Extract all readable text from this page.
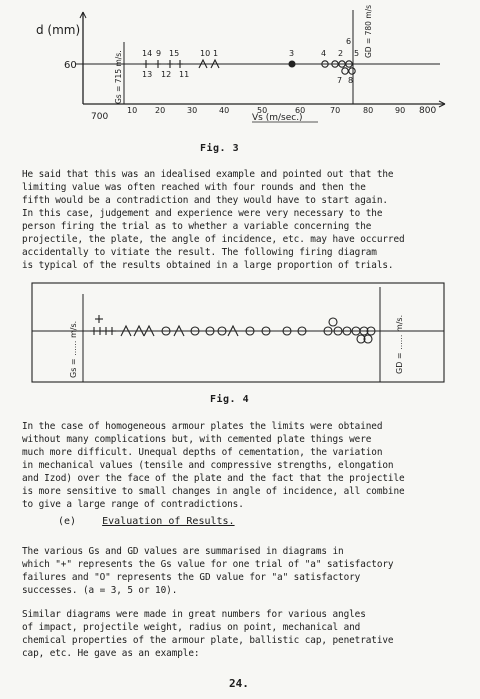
d (mm)
60	Gs = 715 m/s.
GD = 780 m/s
700
10 20	30	40	50	60	70	80	90 800
Vs (m/sec.)
14 9 15	10 1	3	4 2 5
6
13 12 11
7 8
Fig. 3
He said that this was an idealised example and pointed out that the
limiting value was often reached with four rounds and then the
fifth would be a contradiction and they would have to start again.
In this case, judgement and experience were very necessary to the
person firing the trial as to whether a variable concerning the
projectile, the plate, the angle of incidence, etc. may have occurred
accidentally to vitiate the result. The following firing diagram
is typical of the results obtained in a large proportion of trials.
Gs = ...... m/s.	GD = ...... m/s.
Fig. 4
In the case of homogeneous armour plates the limits were obtained
without many complications but, with cemented plate things were
much more difficult. Unequal depths of cementation, the variation
in mechanical values (tensile and compressive strengths, elongation
and Izod) over the face of the plate and the fact that the projectile
is more sensitive to small changes in angle of incidence, all combine
to give a large range of contradictions.
(e)	Evaluation of Results.
The various Gs and GD values are summarised in diagrams in
which "+" represents the Gs value for one trial of "a" satisfactory
failures and "O" represents the GD value for "a" satisfactory
successes. (a = 3, 5 or 10).
Similar diagrams were made in great numbers for various angles
of impact, projectile weight, radius on point, mechanical and
chemical properties of the armour plate, ballistic cap, penetrative
cap, etc. He gave as an example:
24.
